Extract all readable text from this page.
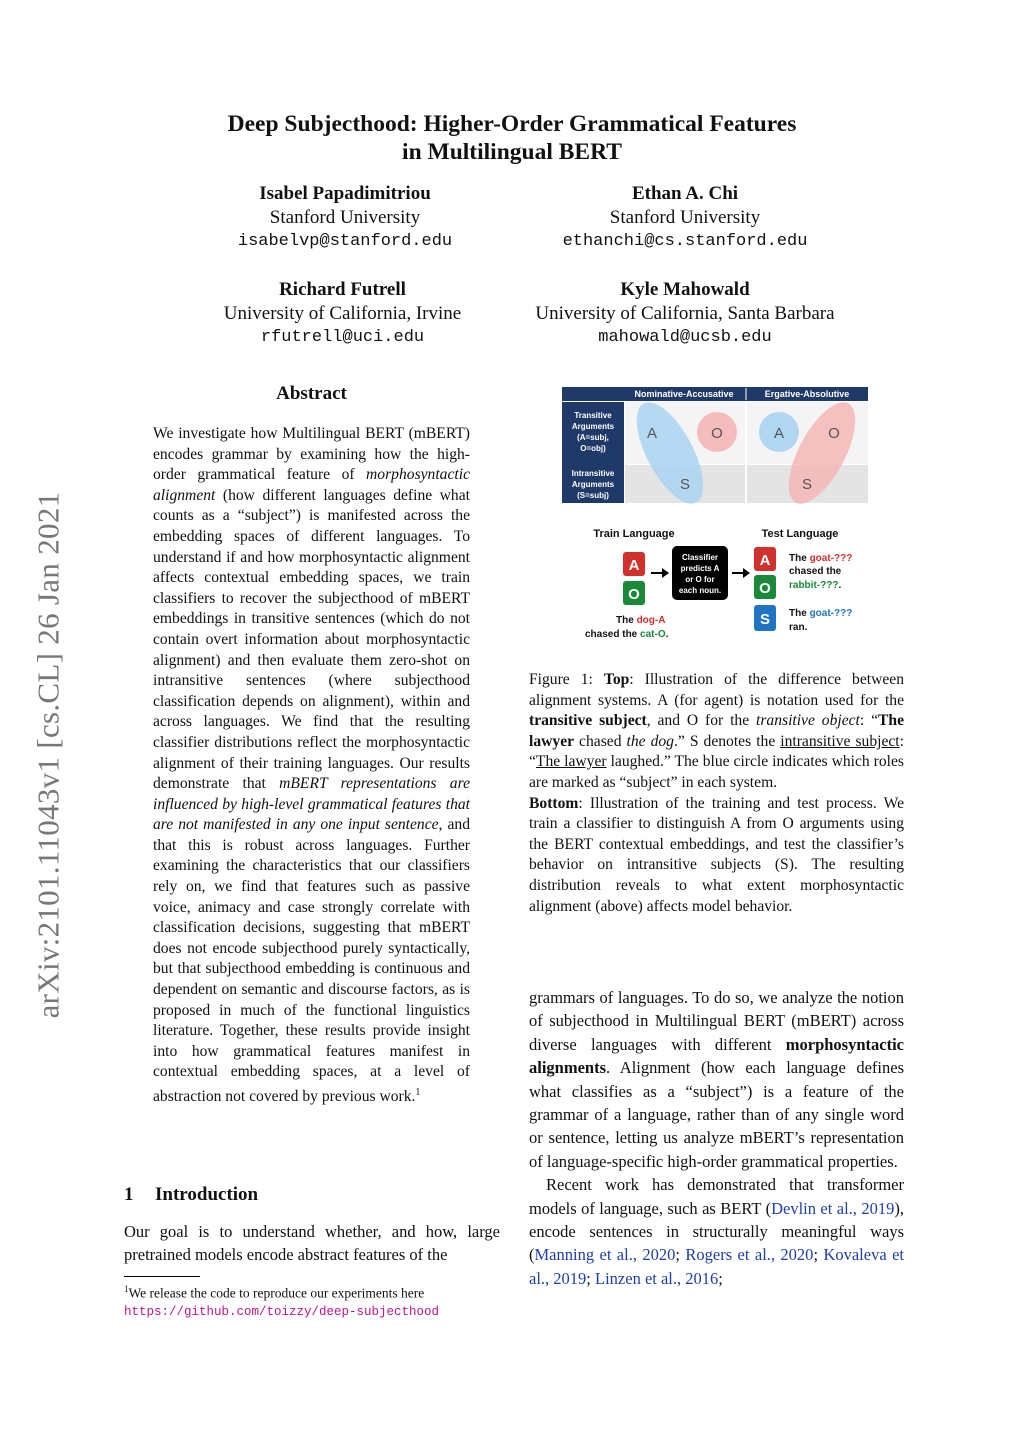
arXiv:2101.11043v1 [cs.CL] 26 Jan 2021
Deep Subjecthood: Higher-Order Grammatical Features
in Multilingual BERT
Isabel Papadimitriou
Stanford University
isabelvp@stanford.edu
Ethan A. Chi
Stanford University
ethanchi@cs.stanford.edu
Richard Futrell
University of California, Irvine
rfutrell@uci.edu
Kyle Mahowald
University of California, Santa Barbara
mahowald@ucsb.edu
Abstract
We investigate how Multilingual BERT (mBERT) encodes grammar by examining how the high-order grammatical feature of morphosyntactic alignment (how different languages define what counts as a “subject”) is manifested across the embedding spaces of different languages. To understand if and how morphosyntactic alignment affects contextual embedding spaces, we train classifiers to recover the subjecthood of mBERT embeddings in transitive sentences (which do not contain overt information about morphosyntactic alignment) and then evaluate them zero-shot on intransitive sentences (where subjecthood classification depends on alignment), within and across languages. We find that the resulting classifier distributions reflect the morphosyntactic alignment of their training languages. Our results demonstrate that mBERT representations are influenced by high-level grammatical features that are not manifested in any one input sentence, and that this is robust across languages. Further examining the characteristics that our classifiers rely on, we find that features such as passive voice, animacy and case strongly correlate with classification decisions, suggesting that mBERT does not encode subjecthood purely syntactically, but that subjecthood embedding is continuous and dependent on semantic and discourse factors, as is proposed in much of the functional linguistics literature. Together, these results provide insight into how grammatical features manifest in contextual embedding spaces, at a level of abstraction not covered by previous work.$^1$
1 Introduction
Our goal is to understand whether, and how, large pretrained models encode abstract features of the
$^1$We release the code to reproduce our experiments here
https://github.com/toizzy/deep-subjecthood
Nominative-Accusative	Ergative-Absolutive
Transitive
Arguments
(A=subj,
O=obj)
Intransitive
Arguments
(S=subj)
A	O
S
A	O
S
Train Language
A
O
Classifier
predicts A
or O for
each noun.
The dog-A
chased the cat-O.
Test Language
A
O
S
The goat-???
chased the
rabbit-???.
The goat-???
ran.

Figure 1: Top: Illustration of the difference between alignment systems. A (for agent) is notation used for the transitive subject, and O for the transitive object: “The lawyer chased the dog.” S denotes the intransitive subject: “The lawyer laughed.” The blue circle indicates which roles are marked as “subject” in each system.

Bottom: Illustration of the training and test process. We train a classifier to distinguish A from O arguments using the BERT contextual embeddings, and test the classifier’s behavior on intransitive subjects (S). The resulting distribution reveals to what extent morphosyntactic alignment (above) affects model behavior.

grammars of languages. To do so, we analyze the notion of subjecthood in Multilingual BERT (mBERT) across diverse languages with different morphosyntactic alignments. Alignment (how each language defines what classifies as a “subject”) is a feature of the grammar of a language, rather than of any single word or sentence, letting us analyze mBERT’s representation of language-specific high-order grammatical properties.

Recent work has demonstrated that transformer models of language, such as BERT (Devlin et al., 2019), encode sentences in structurally meaningful ways (Manning et al., 2020; Rogers et al., 2020; Kovaleva et al., 2019; Linzen et al., 2016;
